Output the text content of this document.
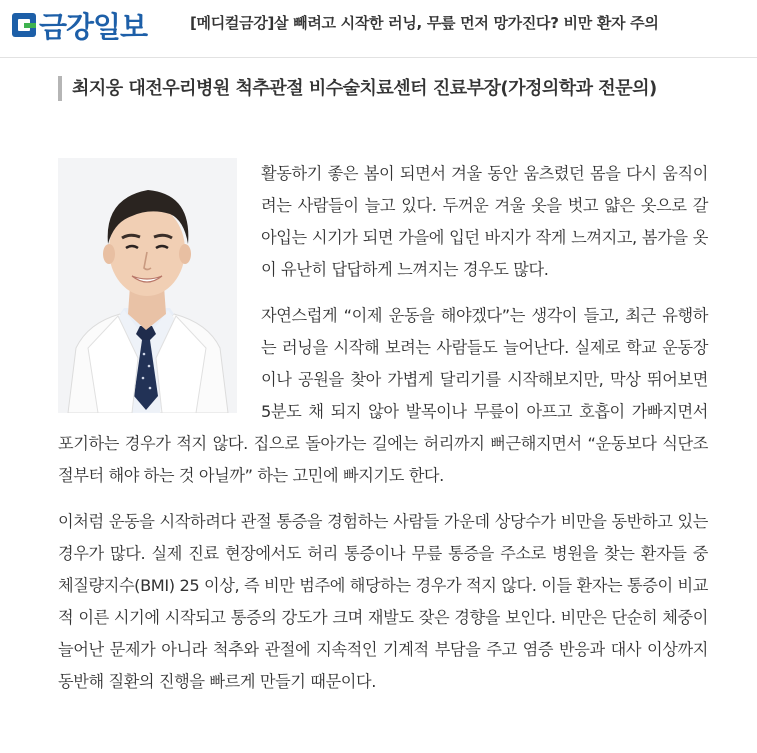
금강일보	[메디컬금강]살 빼려고 시작한 러닝, 무릎 먼저 망가진다? 비만 환자 주의
최지웅 대전우리병원 척추관절 비수술치료센터 진료부장(가정의학과 전문의)

활동하기 좋은 봄이 되면서 겨울 동안 움츠렸던 몸을 다시 움직이려는 사람들이 늘고 있다. 두꺼운 겨울 옷을 벗고 얇은 옷으로 갈아입는 시기가 되면 가을에 입던 바지가 작게 느껴지고, 봄가을 옷이 유난히 답답하게 느껴지는 경우도 많다.

자연스럽게 “이제 운동을 해야겠다”는 생각이 들고, 최근 유행하는 러닝을 시작해 보려는 사람들도 늘어난다. 실제로 학교 운동장이나 공원을 찾아 가볍게 달리기를 시작해보지만, 막상 뛰어보면 5분도 채 되지 않아 발목이나 무릎이 아프고 호흡이 가빠지면서 포기하는 경우가 적지 않다. 집으로 돌아가는 길에는 허리까지 뻐근해지면서 “운동보다 식단조절부터 해야 하는 것 아닐까” 하는 고민에 빠지기도 한다.

이처럼 운동을 시작하려다 관절 통증을 경험하는 사람들 가운데 상당수가 비만을 동반하고 있는 경우가 많다. 실제 진료 현장에서도 허리 통증이나 무릎 통증을 주소로 병원을 찾는 환자들 중 체질량지수(BMI) 25 이상, 즉 비만 범주에 해당하는 경우가 적지 않다. 이들 환자는 통증이 비교적 이른 시기에 시작되고 통증의 강도가 크며 재발도 잦은 경향을 보인다. 비만은 단순히 체중이 늘어난 문제가 아니라 척추와 관절에 지속적인 기계적 부담을 주고 염증 반응과 대사 이상까지 동반해 질환의 진행을 빠르게 만들기 때문이다.
